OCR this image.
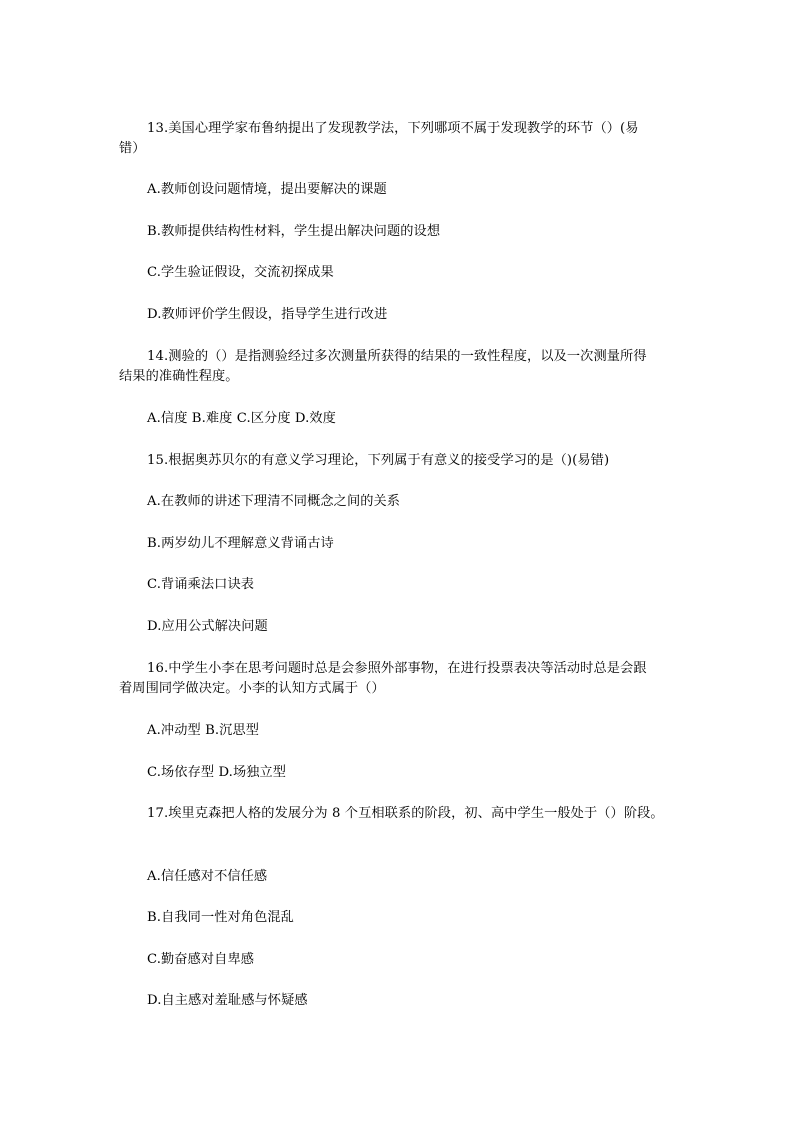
13.美国心理学家布鲁纳提出了发现教学法，下列哪项不属于发现教学的环节（）(易
错）
A.教师创设问题情境，提出要解决的课题
B.教师提供结构性材料，学生提出解决问题的设想
C.学生验证假设，交流初探成果
D.教师评价学生假设，指导学生进行改进
14.测验的（）是指测验经过多次测量所获得的结果的一致性程度，以及一次测量所得
结果的准确性程度。
A.信度 B.难度 C.区分度 D.效度
15.根据奥苏贝尔的有意义学习理论，下列属于有意义的接受学习的是（)(易错)
A.在教师的讲述下理清不同概念之间的关系
B.两岁幼儿不理解意义背诵古诗
C.背诵乘法口诀表
D.应用公式解决问题
16.中学生小李在思考问题时总是会参照外部事物，在进行投票表决等活动时总是会跟
着周围同学做决定。小李的认知方式属于（）
A.冲动型 B.沉思型
C.场依存型 D.场独立型
17.埃里克森把人格的发展分为 8 个互相联系的阶段，初、高中学生一般处于（）阶段。
A.信任感对不信任感
B.自我同一性对角色混乱
C.勤奋感对自卑感
D.自主感对羞耻感与怀疑感
